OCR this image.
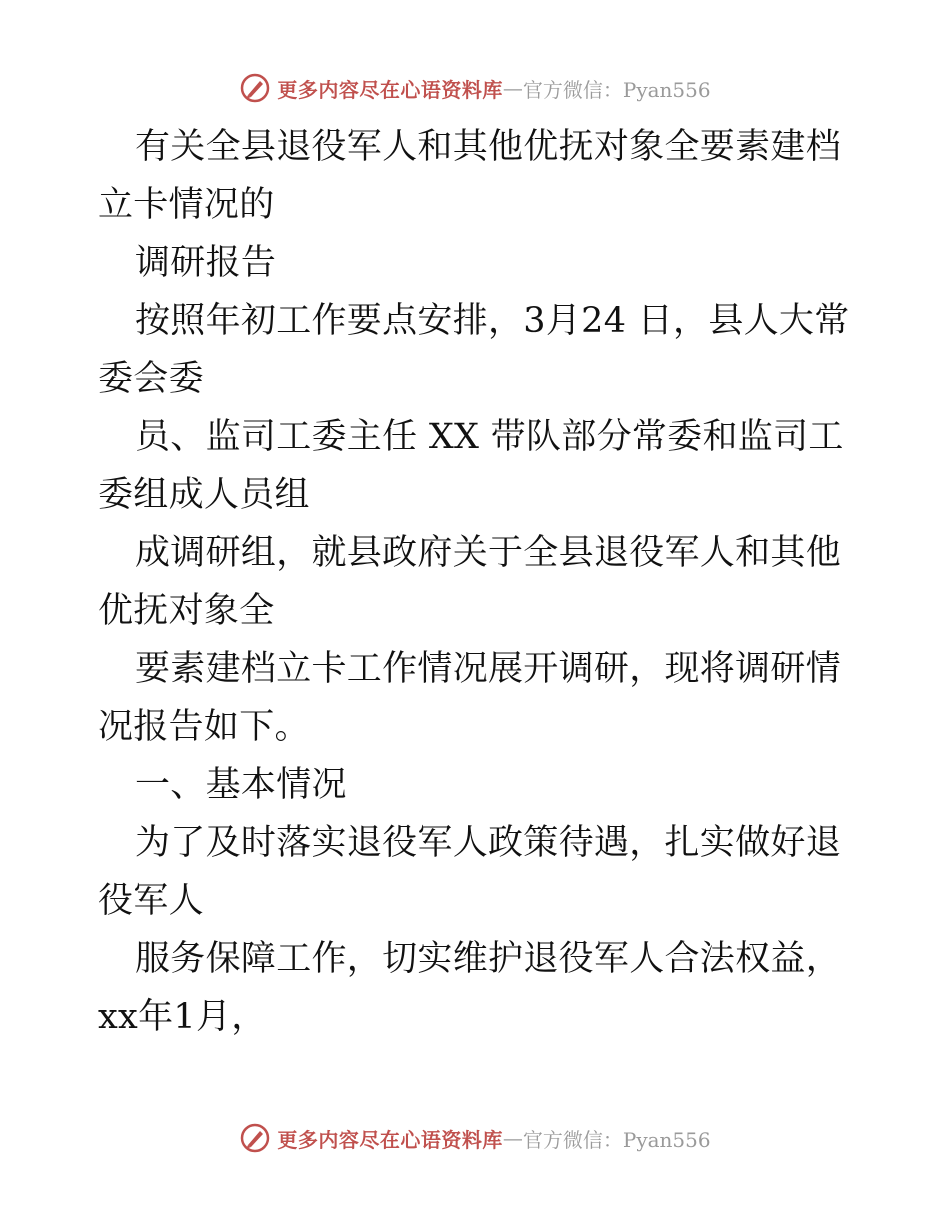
更多内容尽在心语资料库 — 官方微信：Pyan556

有关全县退役军人和其他优抚对象全要素建档立卡情况的

调研报告

按照年初工作要点安排，3月24 日，县人大常委会委

员、监司工委主任 XX 带队部分常委和监司工委组成人员组

成调研组，就县政府关于全县退役军人和其他优抚对象全

要素建档立卡工作情况展开调研，现将调研情况报告如下。

一、基本情况

为了及时落实退役军人政策待遇，扎实做好退役军人

服务保障工作，切实维护退役军人合法权益，xx年1月，

更多内容尽在心语资料库 — 官方微信：Pyan556
